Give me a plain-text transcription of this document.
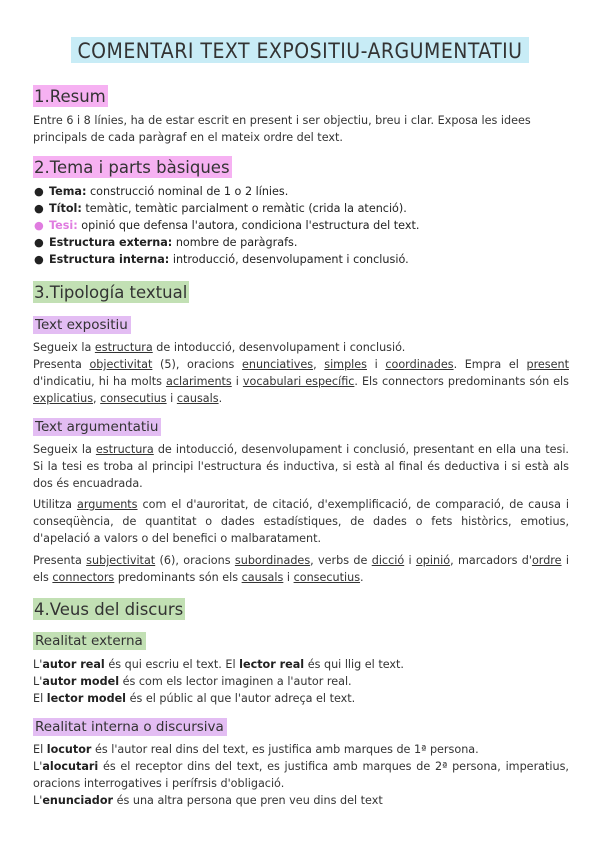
COMENTARI TEXT EXPOSITIU-ARGUMENTATIU
1.Resum
Entre 6 i 8 línies, ha de estar escrit en present i ser objectiu, breu i clar. Exposa les idees principals de cada paràgraf en el mateix ordre del text.
2.Tema i parts bàsiques
● Tema: construcció nominal de 1 o 2 línies.
● Títol: temàtic, temàtic parcialment o remàtic (crida la atenció).
● Tesi: opinió que defensa l'autora, condiciona l'estructura del text.
● Estructura externa: nombre de paràgrafs.
● Estructura interna: introducció, desenvolupament i conclusió.
3.Tipología textual
Text expositiu
Segueix la estructura de intoducció, desenvolupament i conclusió.
Presenta objectivitat (5), oracions enunciatives, simples i coordinades. Empra el present d'indicatiu, hi ha molts aclariments i vocabulari específic. Els connectors predominants són els explicatius, consecutius i causals.
Text argumentatiu
Segueix la estructura de intoducció, desenvolupament i conclusió, presentant en ella una tesi. Si la tesi es troba al principi l'estructura és inductiva, si està al final és deductiva i si està als dos és encuadrada.
Utilitza arguments com el d'auroritat, de citació, d'exemplificació, de comparació, de causa i conseqüència, de quantitat o dades estadístiques, de dades o fets històrics, emotius, d'apelació a valors o del benefici o malbaratament.
Presenta subjectivitat (6), oracions subordinades, verbs de dicció i opinió, marcadors d'ordre i els connectors predominants són els causals i consecutius.
4.Veus del discurs
Realitat externa
L'autor real és qui escriu el text. El lector real és qui llig el text.
L'autor model és com els lector imaginen a l'autor real.
El lector model és el públic al que l'autor adreça el text.
Realitat interna o discursiva
El locutor és l'autor real dins del text, es justifica amb marques de 1ª persona.
L'alocutari és el receptor dins del text, es justifica amb marques de 2ª persona, imperatius, oracions interrogatives i perífrsis d'obligació.
L'enunciador és una altra persona que pren veu dins del text
